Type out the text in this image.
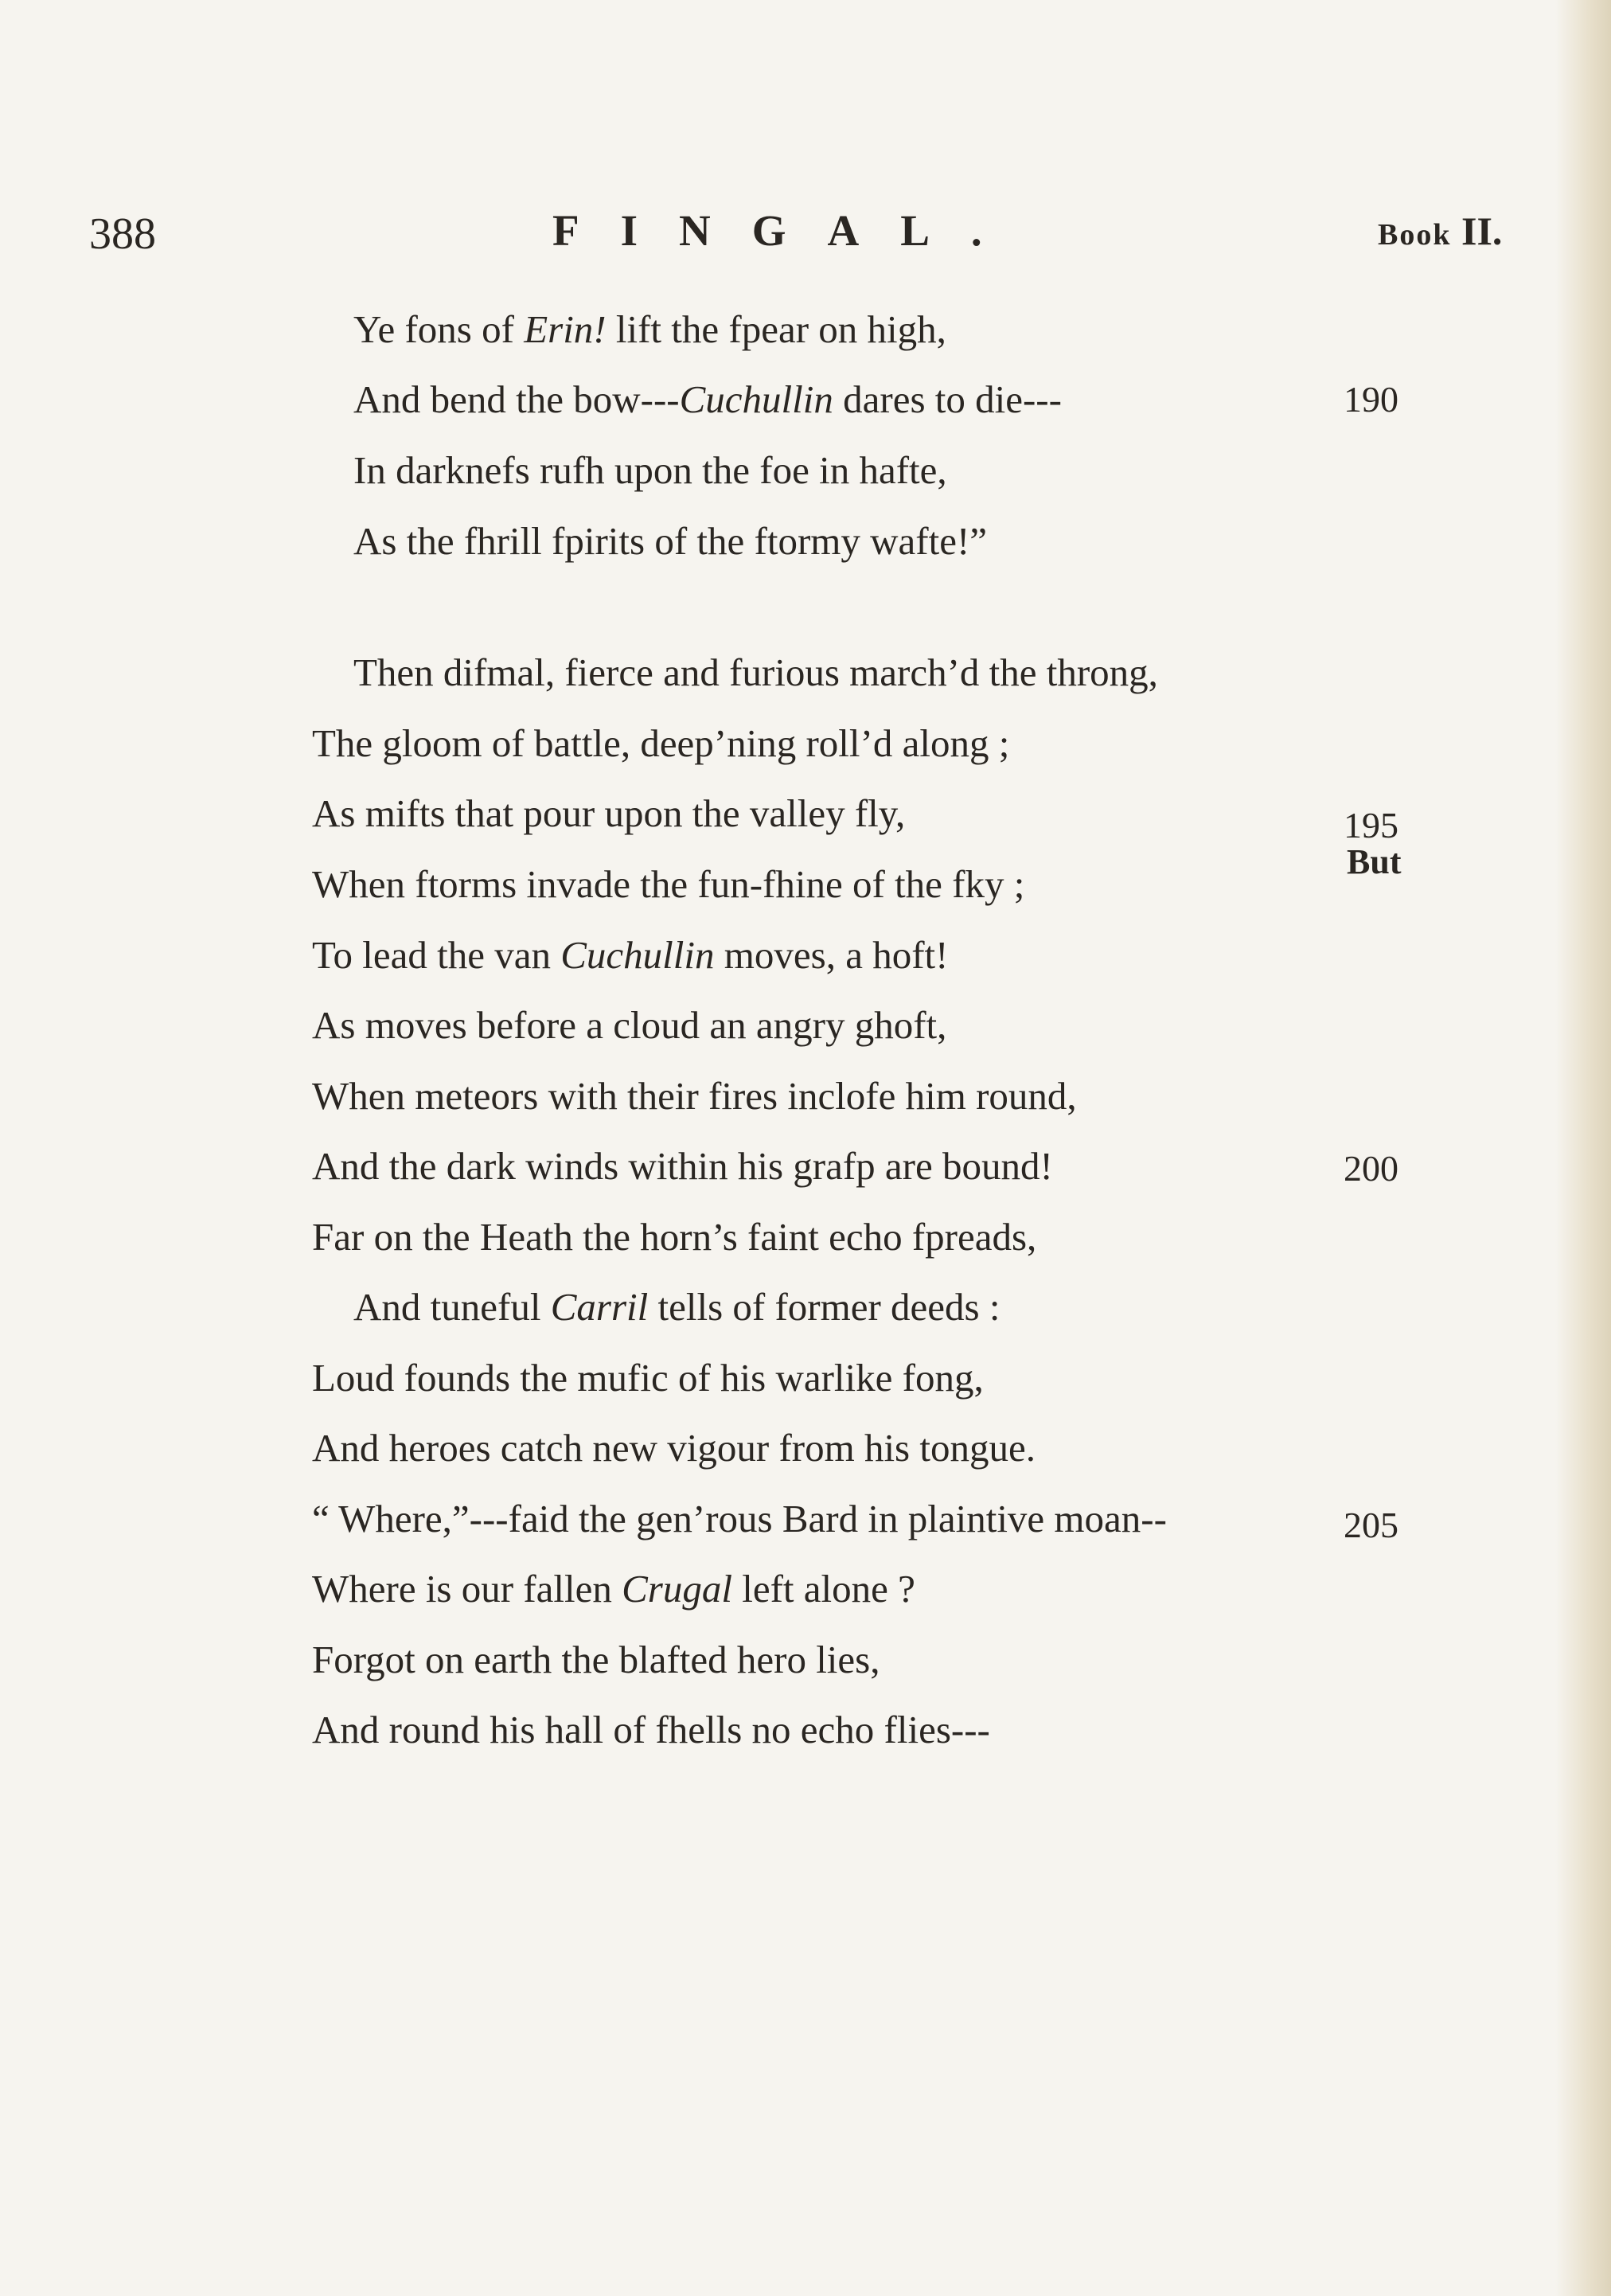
388	FINGAL.	Book II.
Ye fons of Erin! lift the fpear on high,
And bend the bow---Cuchullin dares to die---
In darknefs rufh upon the foe in hafte,
As the fhrill fpirits of the ftormy wafte!”
Then difmal, fierce and furious march’d the throng,
The gloom of battle, deep’ning roll’d along ;
As mifts that pour upon the valley fly,
When ftorms invade the fun-fhine of the fky ;
To lead the van Cuchullin moves, a hoft!
As moves before a cloud an angry ghoft,
When meteors with their fires inclofe him round,
And the dark winds within his grafp are bound!
Far on the Heath the horn’s faint echo fpreads,
And tuneful Carril tells of former deeds :
Loud founds the mufic of his warlike fong,
And heroes catch new vigour from his tongue.
“ Where,”---faid the gen’rous Bard in plaintive moan--
Where is our fallen Crugal left alone ?
Forgot on earth the blafted hero lies,
And round his hall of fhells no echo flies---
190
195
200
205
But
